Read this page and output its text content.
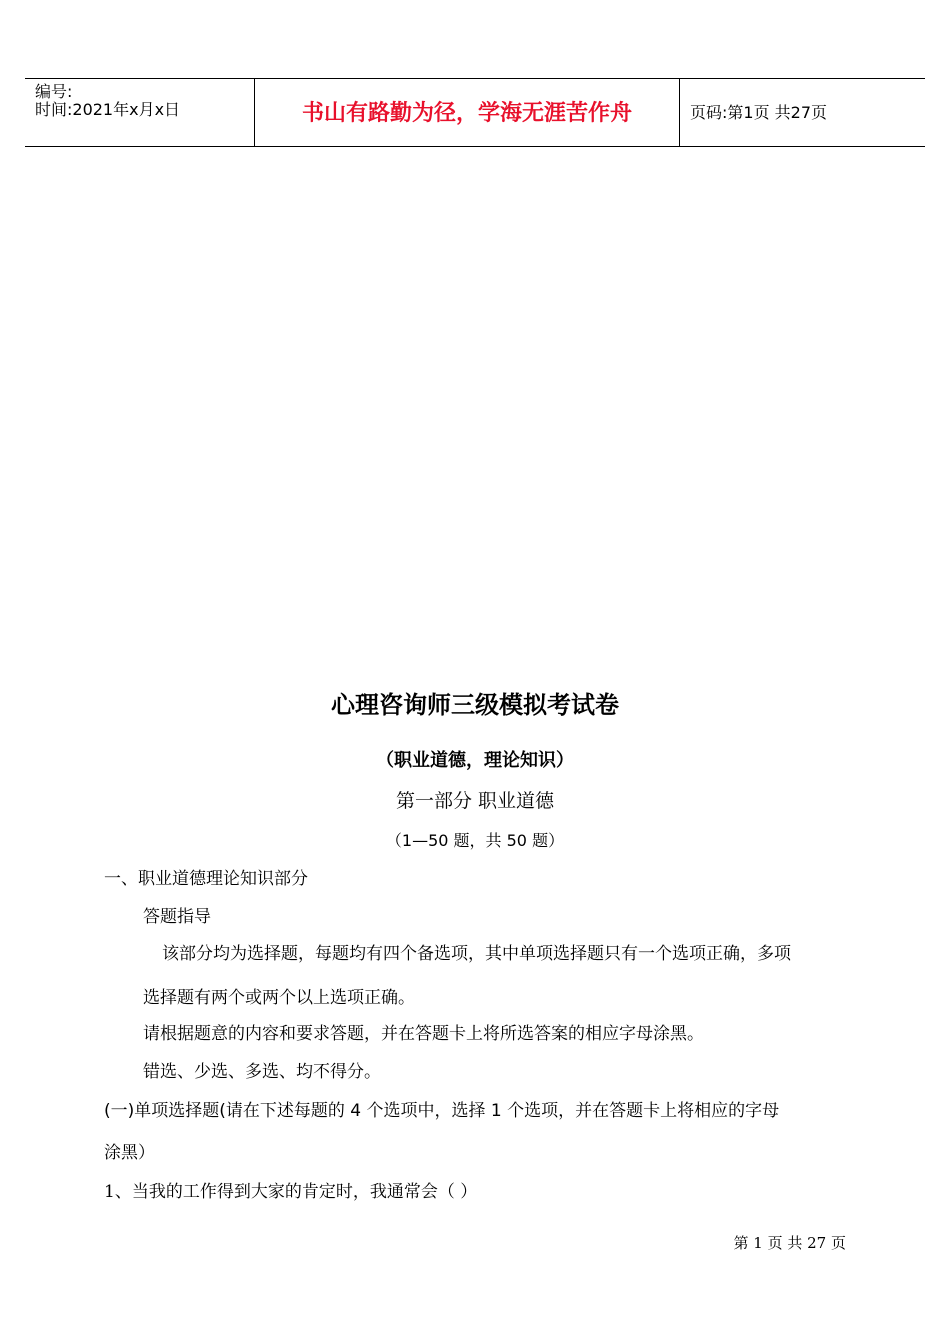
编号:
时间:2021年x月x日	书山有路勤为径，学海无涯苦作舟	页码:第1页 共27页
心理咨询师三级模拟考试卷
（职业道德，理论知识）
第一部分 职业道德
（1—50 题，共 50 题）
一、职业道德理论知识部分
答题指导
该部分均为选择题，每题均有四个备选项，其中单项选择题只有一个选项正确，多项
选择题有两个或两个以上选项正确。
请根据题意的内容和要求答题，并在答题卡上将所选答案的相应字母涂黑。
错选、少选、多选、均不得分。
(一)单项选择题(请在下述每题的 4 个选项中，选择 1 个选项，并在答题卡上将相应的字母
涂黑）
1、当我的工作得到大家的肯定时，我通常会（ ）
第 1 页 共 27 页
